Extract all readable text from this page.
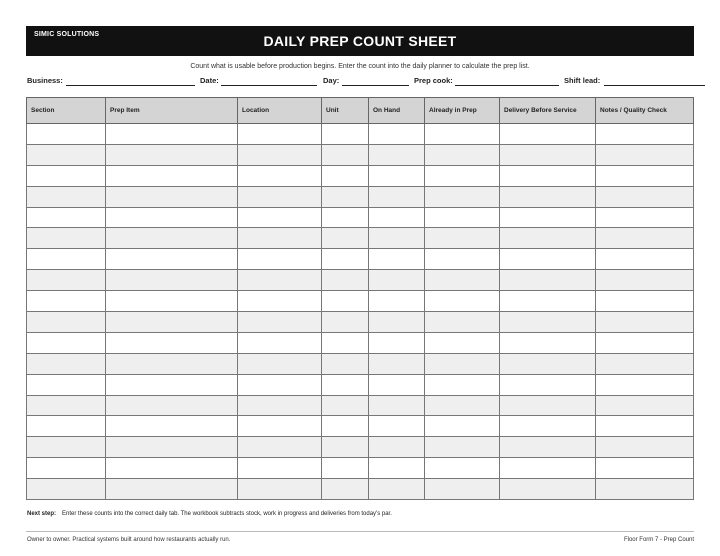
SIMIC SOLUTIONS	DAILY PREP COUNT SHEET
Count what is usable before production begins. Enter the count into the daily planner to calculate the prep list.
Business:	Date:	Day:	Prep cook:	Shift lead:
Section	Prep Item	Location	Unit	On Hand	Already in Prep	Delivery Before Service	Notes / Quality Check

Next step: Enter these counts into the correct daily tab. The workbook subtracts stock, work in progress and deliveries from today's par.
Owner to owner. Practical systems built around how restaurants actually run.	Floor Form 7 - Prep Count
